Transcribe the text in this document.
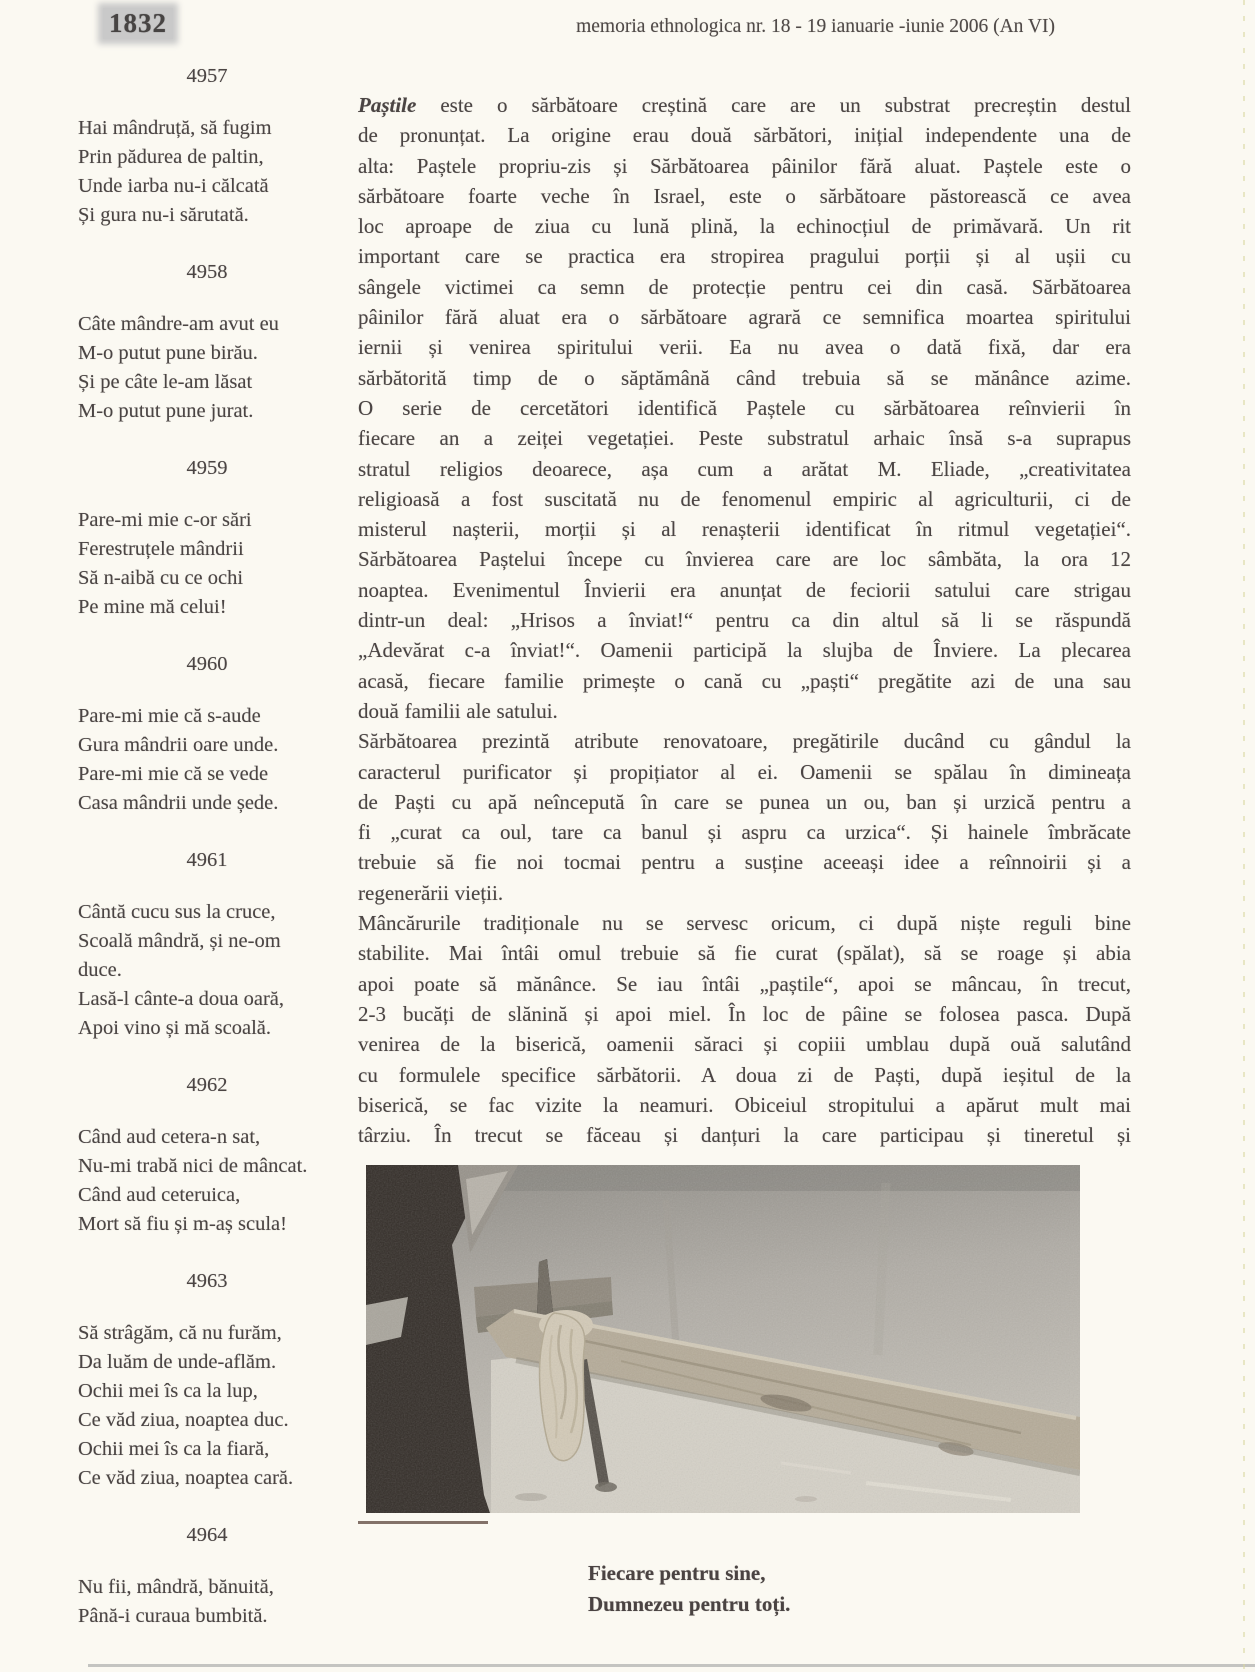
1832	memoria ethnologica nr. 18 - 19 ianuarie -iunie 2006 (An VI)
4957
Hai mândruță, să fugim
Prin pădurea de paltin,
Unde iarba nu-i călcată
Și gura nu-i sărutată.
4958
Câte mândre-am avut eu
M-o putut pune birău.
Și pe câte le-am lăsat
M-o putut pune jurat.
4959
Pare-mi mie c-or sări
Ferestruțele mândrii
Să n-aibă cu ce ochi
Pe mine mă celui!
4960
Pare-mi mie că s-aude
Gura mândrii oare unde.
Pare-mi mie că se vede
Casa mândrii unde șede.
4961
Cântă cucu sus la cruce,
Scoală mândră, și ne-om
duce.
Lasă-l cânte-a doua oară,
Apoi vino și mă scoală.
4962
Când aud cetera-n sat,
Nu-mi trabă nici de mâncat.
Când aud ceteruica,
Mort să fiu și m-aș scula!
4963
Să strâgăm, că nu furăm,
Da luăm de unde-aflăm.
Ochii mei îs ca la lup,
Ce văd ziua, noaptea duc.
Ochii mei îs ca la fiară,
Ce văd ziua, noaptea cară.
4964
Nu fii, mândră, bănuită,
Până-i curaua bumbită.
Paștile este o sărbătoare creștină care are un substrat precreștin destul
de pronunțat. La origine erau două sărbători, inițial independente una de
alta: Paștele propriu-zis și Sărbătoarea pâinilor fără aluat. Paștele este o
sărbătoare foarte veche în Israel, este o sărbătoare păstorească ce avea
loc aproape de ziua cu lună plină, la echinocțiul de primăvară. Un rit
important care se practica era stropirea pragului porții și al ușii cu
sângele victimei ca semn de protecție pentru cei din casă. Sărbătoarea
pâinilor fără aluat era o sărbătoare agrară ce semnifica moartea spiritului
iernii și venirea spiritului verii. Ea nu avea o dată fixă, dar era
sărbătorită timp de o săptămână când trebuia să se mănânce azime.
O serie de cercetători identifică Paștele cu sărbătoarea reînvierii în
fiecare an a zeiței vegetației. Peste substratul arhaic însă s-a suprapus
stratul religios deoarece, așa cum a arătat M. Eliade, „creativitatea
religioasă a fost suscitată nu de fenomenul empiric al agriculturii, ci de
misterul nașterii, morții și al renașterii identificat în ritmul vegetației“.
Sărbătoarea Paștelui începe cu învierea care are loc sâmbăta, la ora 12
noaptea. Evenimentul Învierii era anunțat de feciorii satului care strigau
dintr-un deal: „Hrisos a înviat!“ pentru ca din altul să li se răspundă
„Adevărat c-a înviat!“. Oamenii participă la slujba de Înviere. La plecarea
acasă, fiecare familie primește o cană cu „paști“ pregătite azi de una sau
două familii ale satului.
Sărbătoarea prezintă atribute renovatoare, pregătirile ducând cu gândul la
caracterul purificator și propițiator al ei. Oamenii se spălau în dimineața
de Paști cu apă neîncepută în care se punea un ou, ban și urzică pentru a
fi „curat ca oul, tare ca banul și aspru ca urzica“. Și hainele îmbrăcate
trebuie să fie noi tocmai pentru a susține aceeași idee a reînnoirii și a
regenerării vieții.
Mâncărurile tradiționale nu se servesc oricum, ci după niște reguli bine
stabilite. Mai întâi omul trebuie să fie curat (spălat), să se roage și abia
apoi poate să mănânce. Se iau întâi „paștile“, apoi se mâncau, în trecut,
2-3 bucăți de slănină și apoi miel. În loc de pâine se folosea pasca. După
venirea de la biserică, oamenii săraci și copiii umblau după ouă salutând
cu formulele specifice sărbătorii. A doua zi de Paști, după ieșitul de la
biserică, se fac vizite la neamuri. Obiceiul stropitului a apărut mult mai
târziu. În trecut se făceau și danțuri la care participau și tineretul și
Fiecare pentru sine,
Dumnezeu pentru toți.
